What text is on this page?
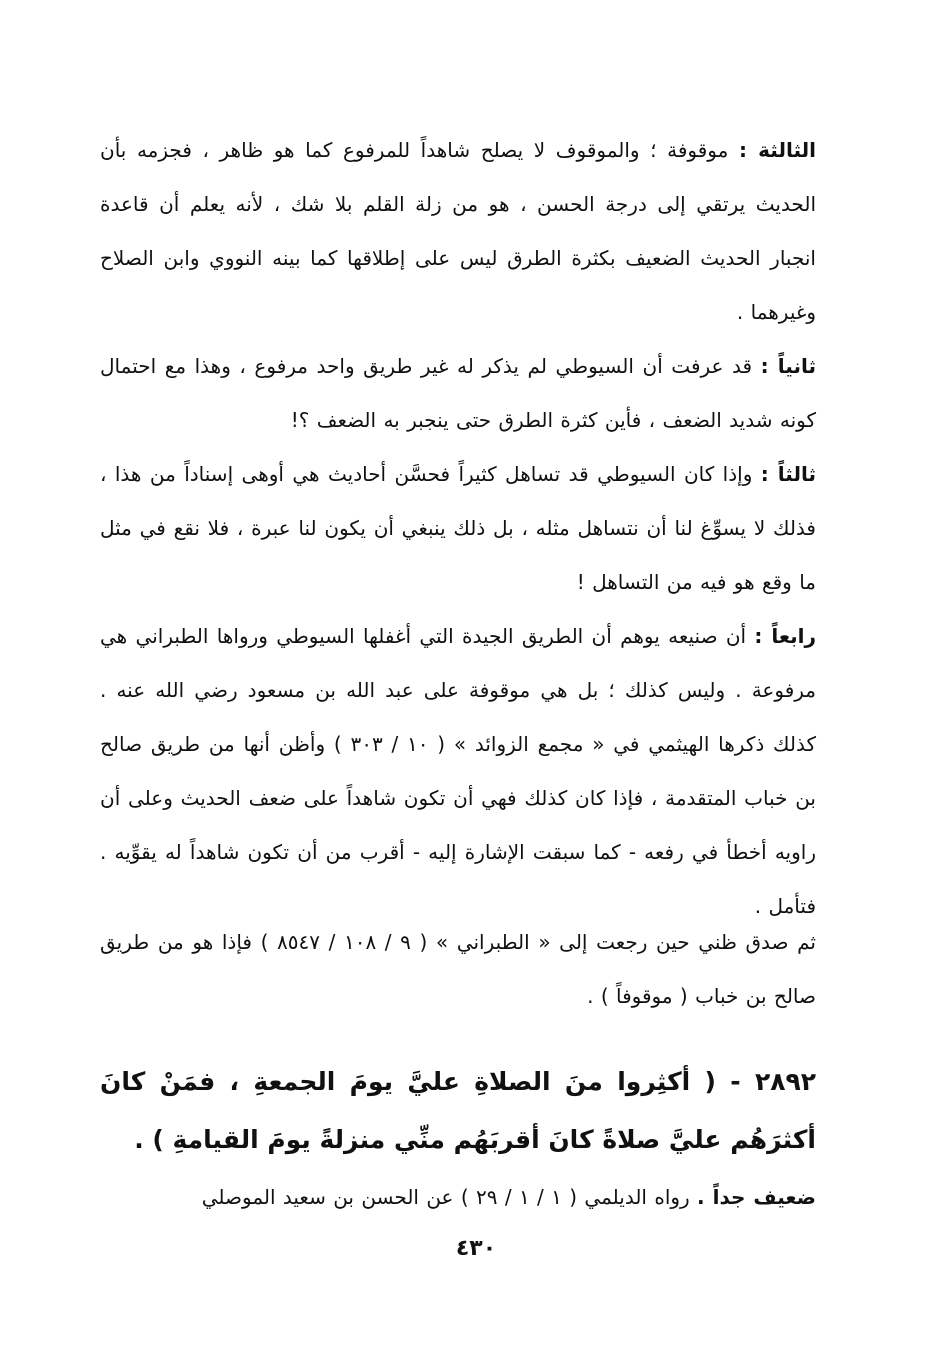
الثالثة : موقوفة ؛ والموقوف لا يصلح شاهداً للمرفوع كما هو ظاهر ، فجزمه بأن الحديث يرتقي إلى درجة الحسن ، هو من زلة القلم بلا شك ، لأنه يعلم أن قاعدة انجبار الحديث الضعيف بكثرة الطرق ليس على إطلاقها كما بينه النووي وابن الصلاح وغيرهما .
ثانياً : قد عرفت أن السيوطي لم يذكر له غير طريق واحد مرفوع ، وهذا مع احتمال كونه شديد الضعف ، فأين كثرة الطرق حتى ينجبر به الضعف ؟!
ثالثاً : وإذا كان السيوطي قد تساهل كثيراً فحسَّن أحاديث هي أوهى إسناداً من هذا ، فذلك لا يسوِّغ لنا أن نتساهل مثله ، بل ذلك ينبغي أن يكون لنا عبرة ، فلا نقع في مثل ما وقع هو فيه من التساهل !
رابعاً : أن صنيعه يوهم أن الطريق الجيدة التي أغفلها السيوطي ورواها الطبراني هي مرفوعة . وليس كذلك ؛ بل هي موقوفة على عبد الله بن مسعود رضي الله عنه . كذلك ذكرها الهيثمي في « مجمع الزوائد » ( ١٠ / ٣٠٣ ) وأظن أنها من طريق صالح بن خباب المتقدمة ، فإذا كان كذلك فهي أن تكون شاهداً على ضعف الحديث وعلى أن راويه أخطأ في رفعه - كما سبقت الإشارة إليه - أقرب من أن تكون شاهداً له يقوِّيه . فتأمل .
ثم صدق ظني حين رجعت إلى « الطبراني » ( ٩ / ١٠٨ / ٨٥٤٧ ) فإذا هو من طريق صالح بن خباب ( موقوفاً ) .
٢٨٩٢ - ( أكثِروا منَ الصلاةِ عليَّ يومَ الجمعةِ ، فمَنْ كانَ أكثرَهُم عليَّ صلاةً كانَ أقربَهُم منِّي منزلةً يومَ القيامةِ ) .
ضعيف جداً . رواه الديلمي ( ١ / ١ / ٢٩ ) عن الحسن بن سعيد الموصلي
٤٣٠
